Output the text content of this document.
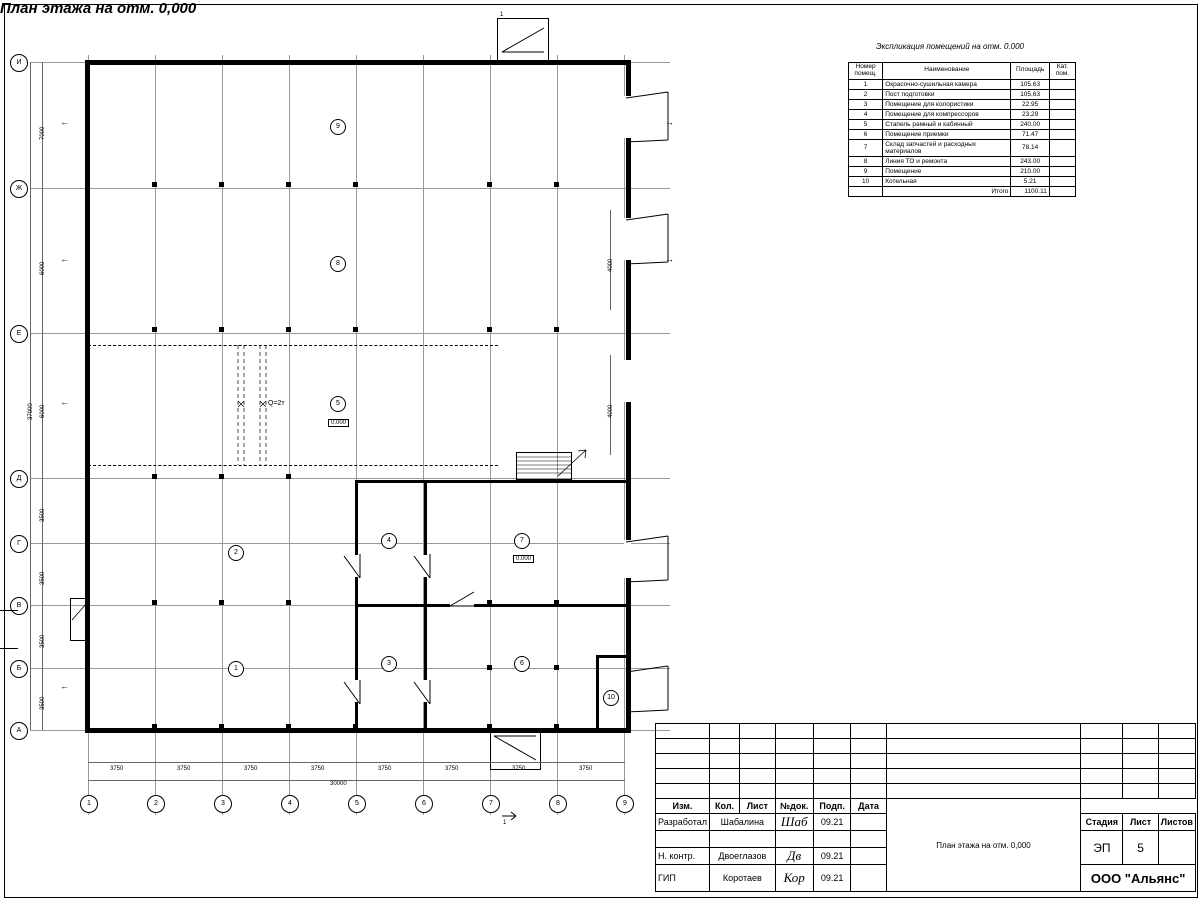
План этажа на отм. 0,000
Экспликация помещений на отм. 0.000
Номер помещ.	Наименование	Площадь	Кат. пом.
1	Окрасочно-сушильная камера	105.63	
2	Пост подготовки	105.63	
3	Помещение для колористики	22.95	
4	Помещение для компрессоров	23.29	
5	Стапель рамный и кабинный	240.00	
6	Помещение приемки	71.47	
7	Склад запчастей и расходных материалов	78.14	
8	Линия ТО и ремонта	243.00	
9	Помещение	210.00	
10	Котельная	5.21	
	Итого	1100.11	
Q=2т
9
8
5
2
1
4
3
7
6
10
0.000
0.000
←
←
←
←
→
→
И
Ж
Е
Д
Г
В
Б
А
7000
6000
6000
3500
3500
3500
3500
37000
4000
4000
1	2	3	4	5	6	7	8	9
3750	3750	3750	3750	3750	3750	3750	3750
30000
1
1

Изм.	Кол.	Лист	№док.	Подп.	Дата	План этажа на отм. 0,000			

Разработал	Шабалина		Шаб	09.21			Стадия	Лист	Листов
							ЭП	5	
Н. контр.	Двоеглазов		Дв	09.21					
ГИП	Коротаев		Кор	09.21			ООО "Альянс"		
